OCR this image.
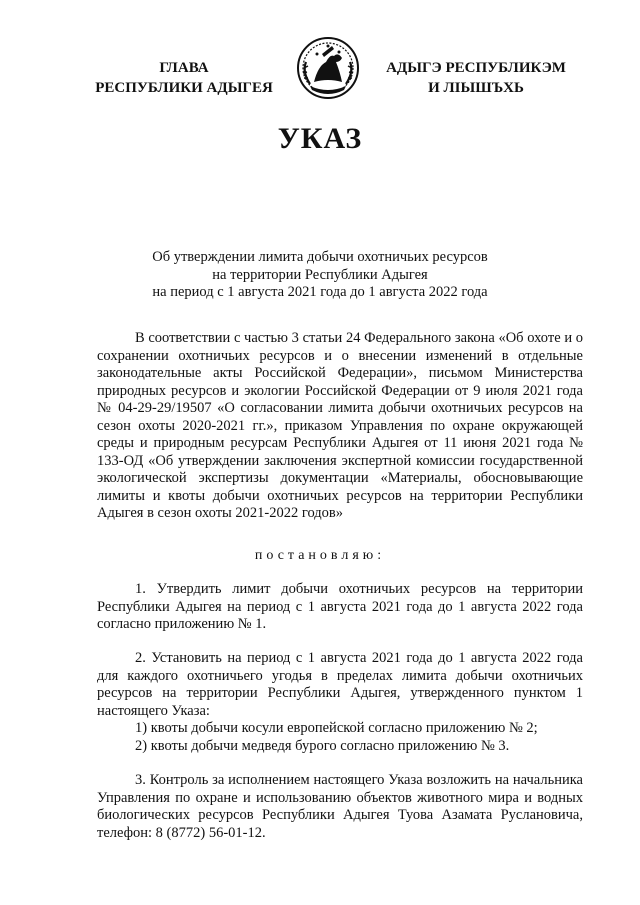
ГЛАВА
РЕСПУБЛИКИ АДЫГЕЯ
АДЫГЭ РЕСПУБЛИКЭМ
И ЛІЫШЪХЬ
УКАЗ
Об утверждении лимита добычи охотничьих ресурсов
на территории Республики Адыгея
на период с 1 августа 2021 года до 1 августа 2022 года

В соответствии с частью 3 статьи 24 Федерального закона «Об охоте и о сохранении охотничьих ресурсов и о внесении изменений в отдельные законодательные акты Российской Федерации», письмом Министерства природных ресурсов и экологии Российской Федерации от 9 июля 2021 года № 04-29-29/19507 «О согласовании лимита добычи охотничьих ресурсов на сезон охоты 2020-2021 гг.», приказом Управления по охране окружающей среды и природным ресурсам Республики Адыгея от 11 июня 2021 года № 133-ОД «Об утверждении заключения экспертной комиссии государственной экологической экспертизы документации «Материалы, обосновывающие лимиты и квоты добычи охотничьих ресурсов на территории Республики Адыгея в сезон охоты 2021-2022 годов»

постановляю:

1. Утвердить лимит добычи охотничьих ресурсов на территории Республики Адыгея на период с 1 августа 2021 года до 1 августа 2022 года согласно приложению № 1.

2. Установить на период с 1 августа 2021 года до 1 августа 2022 года для каждого охотничьего угодья в пределах лимита добычи охотничьих ресурсов на территории Республики Адыгея, утвержденного пунктом 1 настоящего Указа:

1) квоты добычи косули европейской согласно приложению № 2;

2) квоты добычи медведя бурого согласно приложению № 3.

3. Контроль за исполнением настоящего Указа возложить на начальника Управления по охране и использованию объектов животного мира и водных биологических ресурсов Республики Адыгея Туова Азамата Руслановича, телефон: 8 (8772) 56-01-12.
